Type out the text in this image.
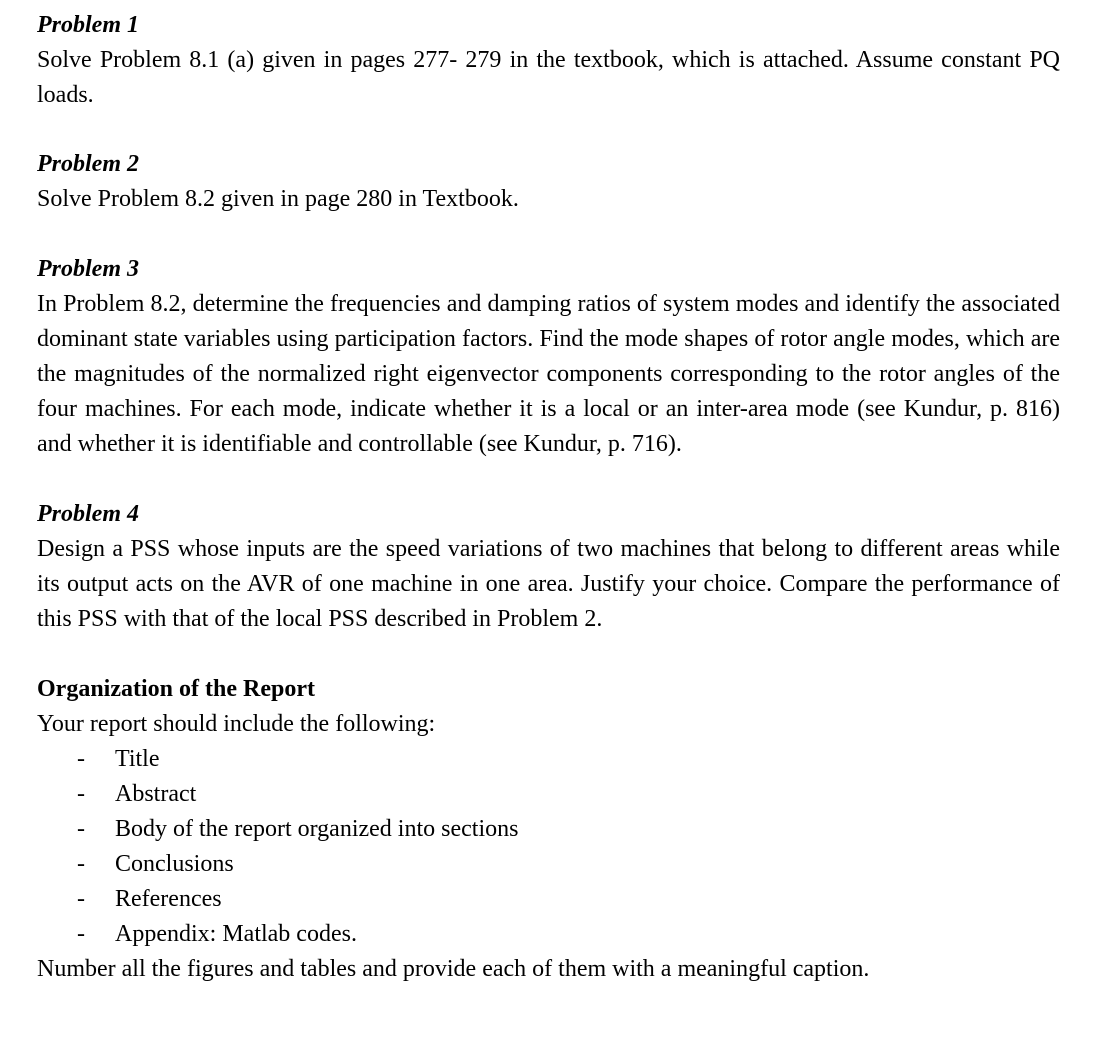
Problem 1

Solve Problem 8.1 (a) given in pages 277- 279 in the textbook, which is attached. Assume constant PQ loads.

Problem 2

Solve Problem 8.2 given in page 280 in Textbook.

Problem 3

In Problem 8.2, determine the frequencies and damping ratios of system modes and identify the associated dominant state variables using participation factors. Find the mode shapes of rotor angle modes, which are the magnitudes of the normalized right eigenvector components corresponding to the rotor angles of the four machines. For each mode, indicate whether it is a local or an inter-area mode (see Kundur, p. 816) and whether it is identifiable and controllable (see Kundur, p. 716).

Problem 4

Design a PSS whose inputs are the speed variations of two machines that belong to different areas while its output acts on the AVR of one machine in one area. Justify your choice. Compare the performance of this PSS with that of the local PSS described in Problem 2.

Organization of the Report

Your report should include the following:

- Title
- Abstract
- Body of the report organized into sections
- Conclusions
- References
- Appendix: Matlab codes.

Number all the figures and tables and provide each of them with a meaningful caption.
